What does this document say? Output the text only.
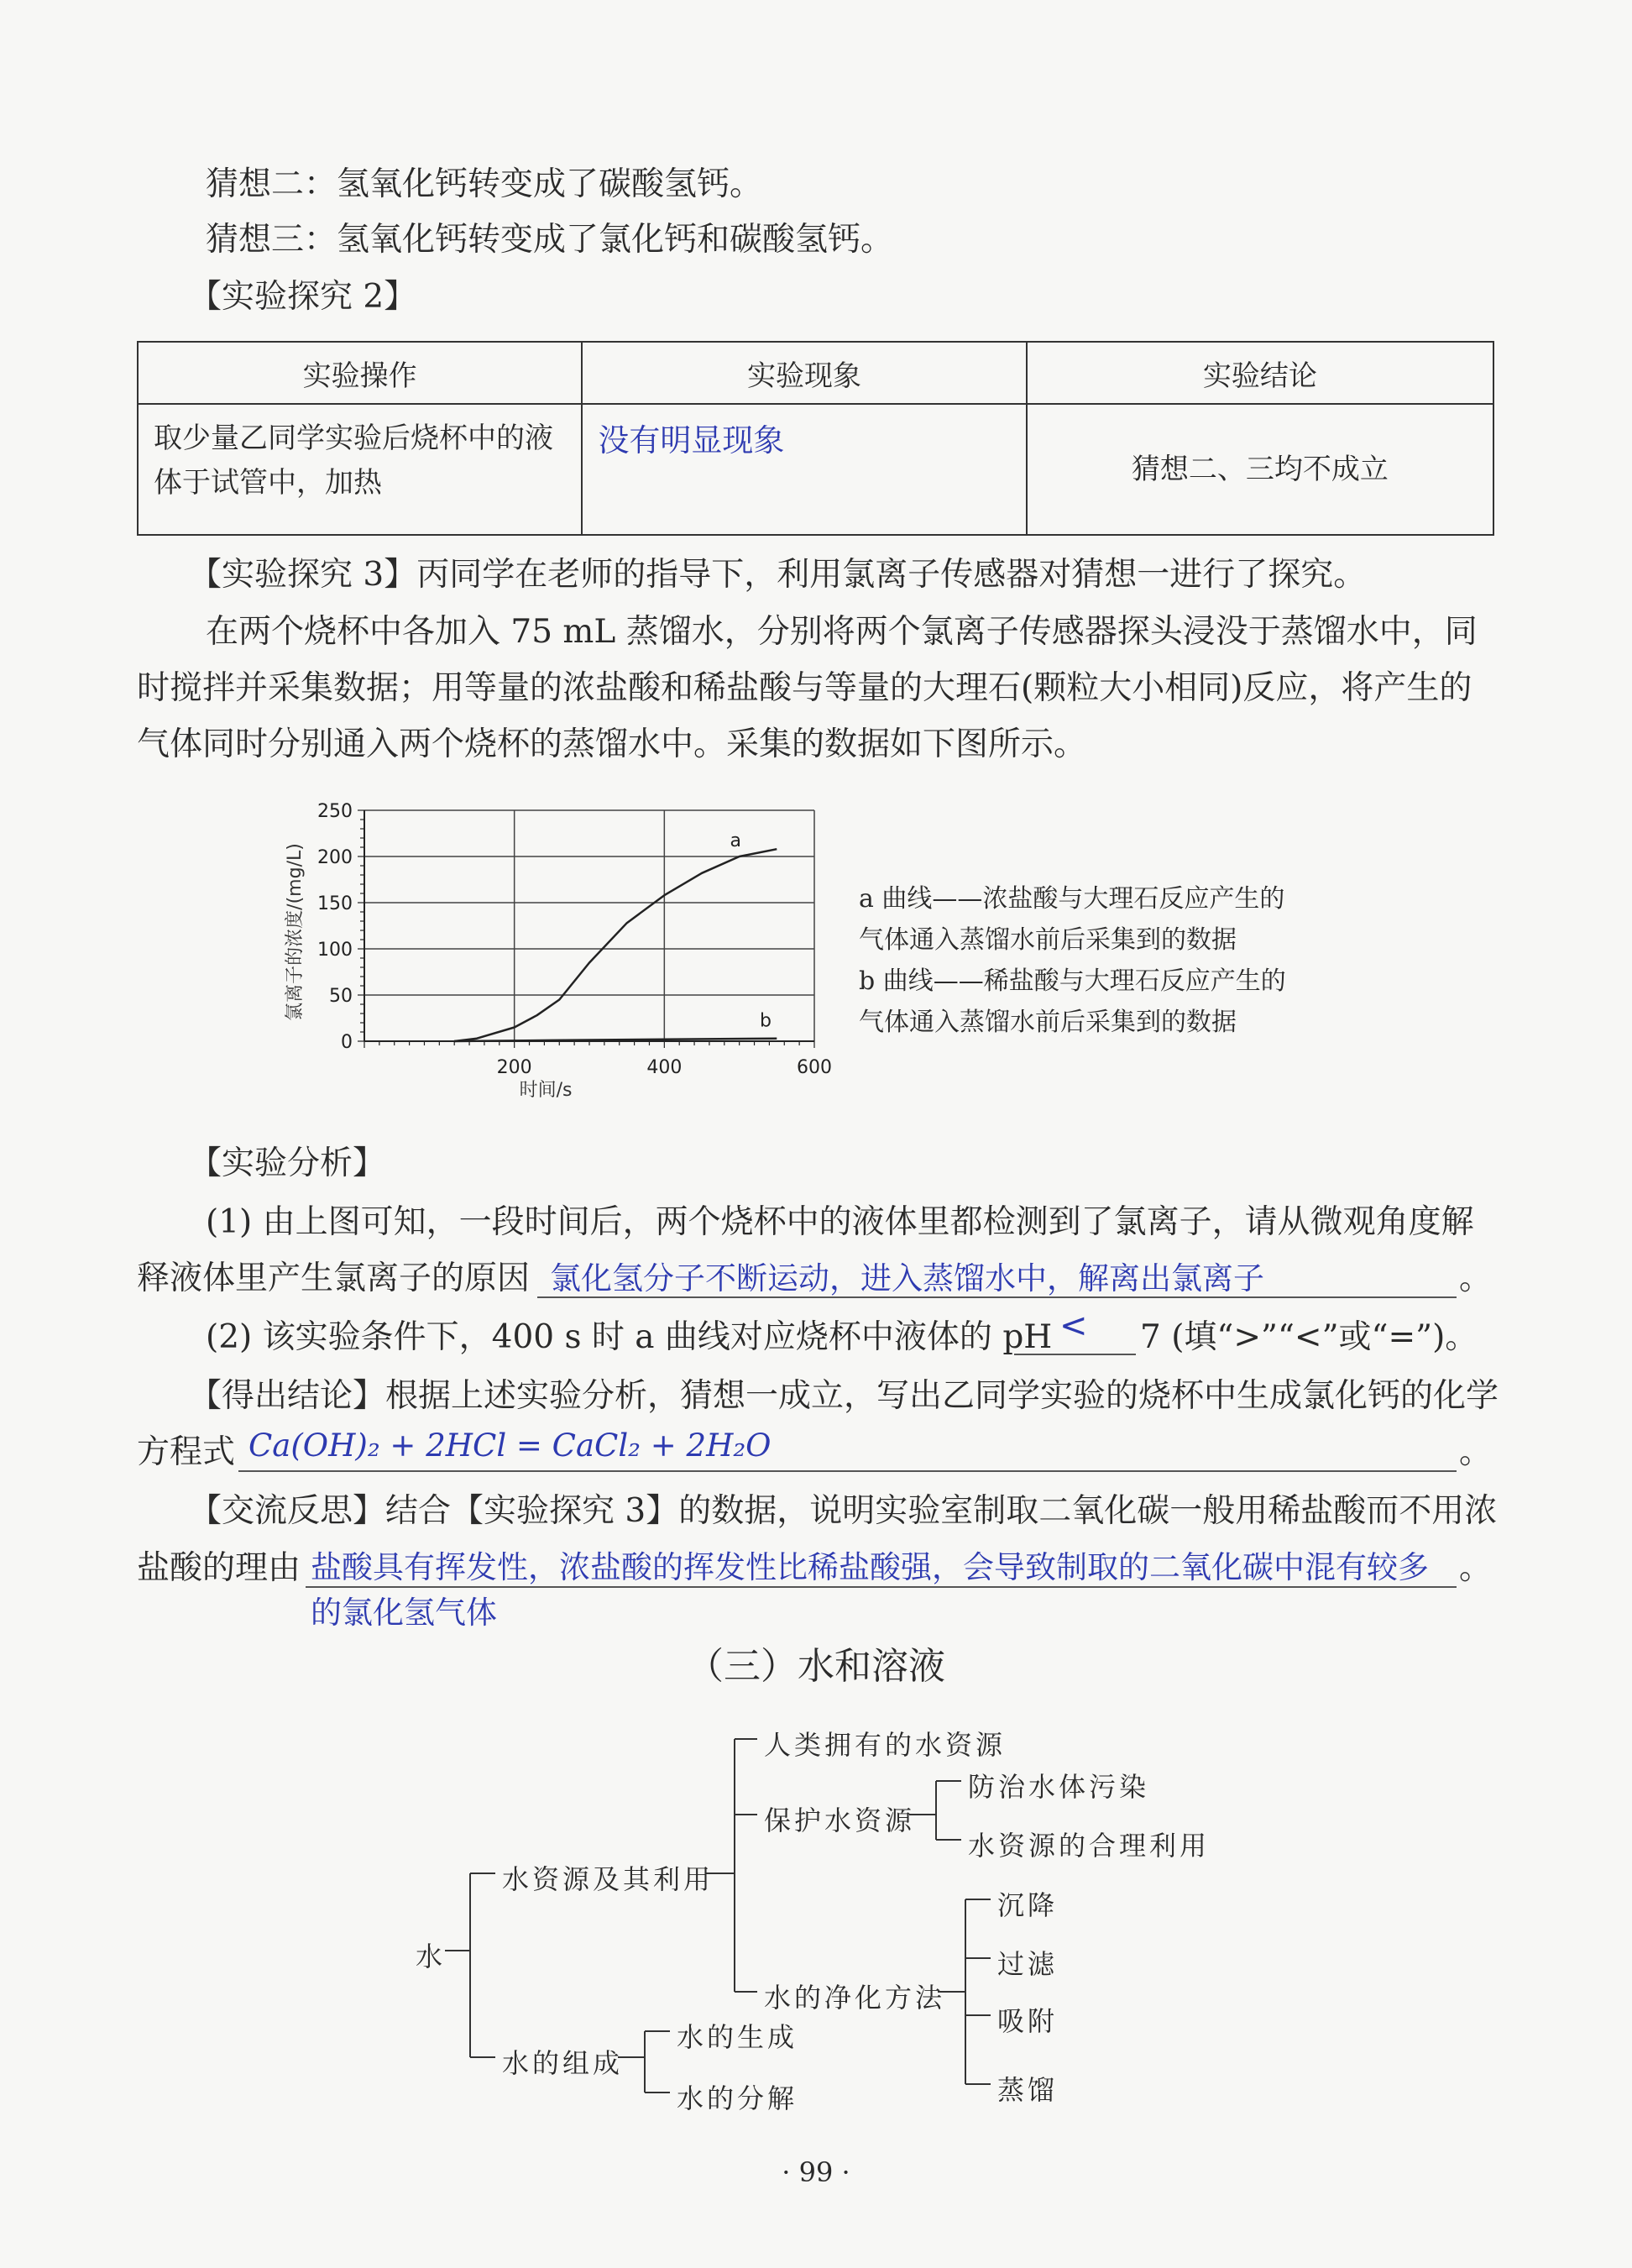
猜想二：氢氧化钙转变成了碳酸氢钙。
猜想三：氢氧化钙转变成了氯化钙和碳酸氢钙。
【实验探究 2】
实验操作	实验现象	实验结论
取少量乙同学实验后烧杯中的液体于试管中，加热	没有明显现象	猜想二、三均不成立
【实验探究 3】丙同学在老师的指导下，利用氯离子传感器对猜想一进行了探究。
在两个烧杯中各加入 75 mL 蒸馏水，分别将两个氯离子传感器探头浸没于蒸馏水中，同
时搅拌并采集数据；用等量的浓盐酸和稀盐酸与等量的大理石(颗粒大小相同)反应，将产生的
气体同时分别通入两个烧杯的蒸馏水中。采集的数据如下图所示。
0
50
100
150
200
250
200	400	600
a
b
氯离子的浓度/(mg/L)
时间/s
a 曲线——浓盐酸与大理石反应产生的
气体通入蒸馏水前后采集到的数据
b 曲线——稀盐酸与大理石反应产生的
气体通入蒸馏水前后采集到的数据
【实验分析】
(1) 由上图可知，一段时间后，两个烧杯中的液体里都检测到了氯离子，请从微观角度解
释液体里产生氯离子的原因 氯化氢分子不断运动，进入蒸馏水中，解离出氯离子	。
(2) 该实验条件下，400 s 时 a 曲线对应烧杯中液体的 pH < 7 (填“>”“<”或“=”)。
【得出结论】根据上述实验分析，猜想一成立，写出乙同学实验的烧杯中生成氯化钙的化学
方程式 Ca(OH)₂ + 2HCl = CaCl₂ + 2H₂O	。
【交流反思】结合【实验探究 3】的数据，说明实验室制取二氧化碳一般用稀盐酸而不用浓
盐酸的理由 盐酸具有挥发性，浓盐酸的挥发性比稀盐酸强，会导致制取的二氧化碳中混有较多
的氯化氢气体
。
（三）水和溶液
水
水资源及其利用
水的组成
人类拥有的水资源
保护水资源
防治水体污染
水资源的合理利用
水的净化方法
沉降
过滤
吸附
蒸馏
水的生成
水的分解
· 99 ·
